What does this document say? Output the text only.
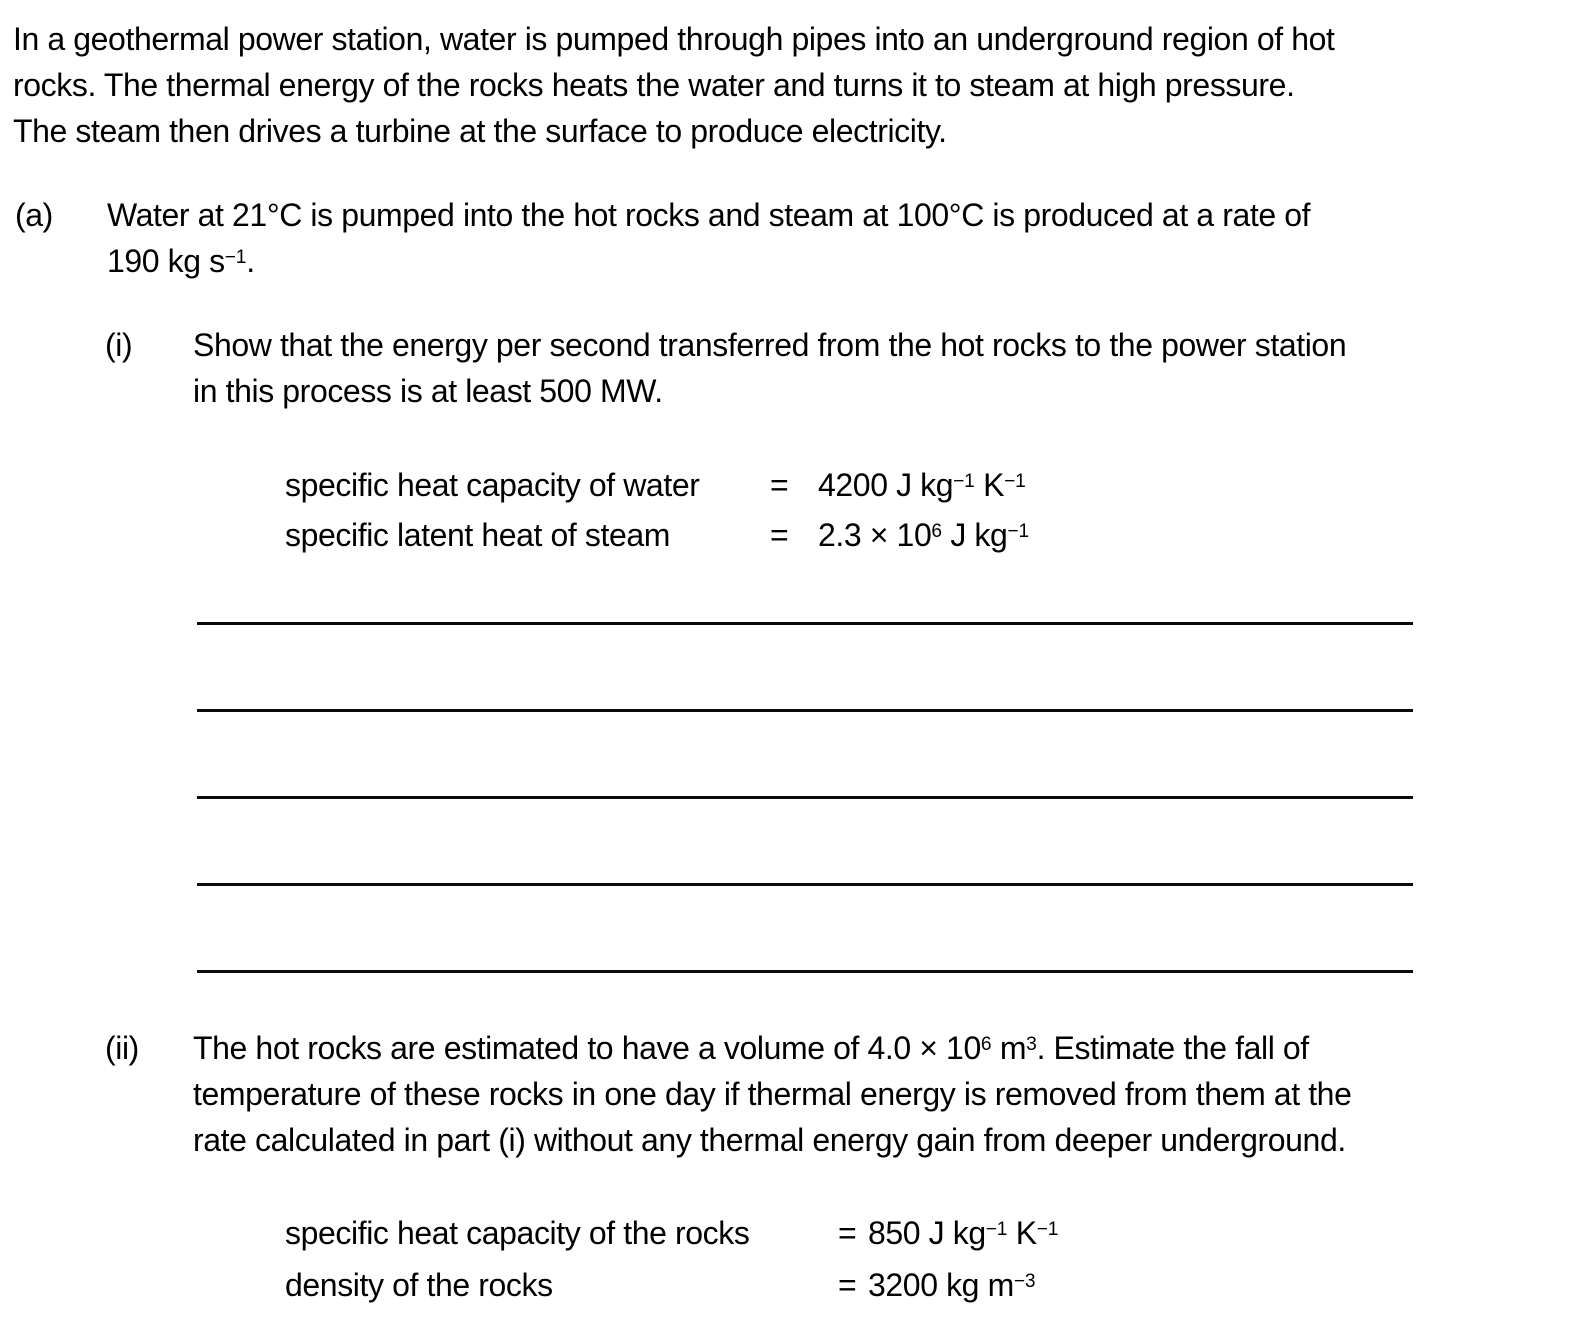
In a geothermal power station, water is pumped through pipes into an underground region of hot
rocks. The thermal energy of the rocks heats the water and turns it to steam at high pressure.
The steam then drives a turbine at the surface to produce electricity.
(a)	Water at 21°C is pumped into the hot rocks and steam at 100°C is produced at a rate of
190 kg $s^{-1}$.
(i)	Show that the energy per second transferred from the hot rocks to the power station
in this process is at least 500 MW.
specific heat capacity of water	= 4200 J $kg^{-1}$ $K^{-1}$
specific latent heat of steam	= $2.3 \times 10^6$ J $kg^{-1}$
(ii)	The hot rocks are estimated to have a volume of $4.0 \times 10^6$ $m^3$. Estimate the fall of
temperature of these rocks in one day if thermal energy is removed from them at the
rate calculated in part (i) without any thermal energy gain from deeper underground.
specific heat capacity of the rocks	= 850 J $kg^{-1}$ $K^{-1}$
density of the rocks	= 3200 kg $m^{-3}$
